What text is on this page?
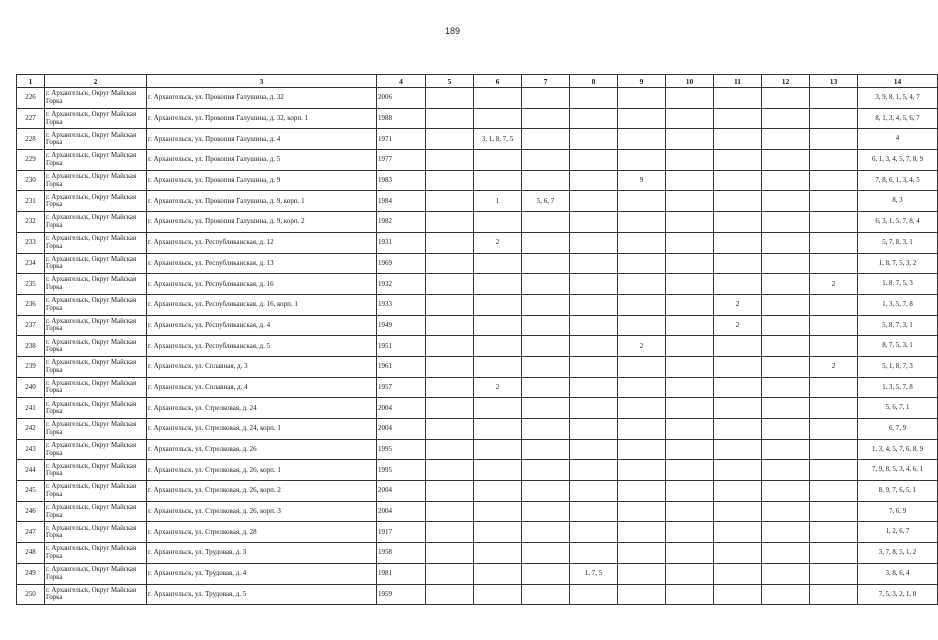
189
1	2	3	4	5	6	7	8	9	10	11	12	13	14
226	г. Архангельск, Округ Майская Горка	г. Архангельск, ул. Прокопия Галушина, д. 32	2006										3, 9, 8, 1, 5, 4, 7
227	г. Архангельск, Округ Майская Горка	г. Архангельск, ул. Прокопия Галушина, д. 32, корп. 1	1988										8, 1, 3, 4, 5, 6, 7
228	г. Архангельск, Округ Майская Горка	г. Архангельск, ул. Прокопия Галушина, д. 4	1971		3, 1, 8, 7, 5								4
229	г. Архангельск, Округ Майская Горка	г. Архангельск, ул. Прокопия Галушина, д. 5	1977										6, 1, 3, 4, 5, 7, 8, 9
230	г. Архангельск, Округ Майская Горка	г. Архангельск, ул. Прокопия Галушина, д. 9	1983					9					7, 8, 6, 1, 3, 4, 5
231	г. Архангельск, Округ Майская Горка	г. Архангельск, ул. Прокопия Галушина, д. 9, корп. 1	1984		1	5, 6, 7							8, 3
232	г. Архангельск, Округ Майская Горка	г. Архангельск, ул. Прокопия Галушина, д. 9, корп. 2	1982										6, 3, 1, 5, 7, 8, 4
233	г. Архангельск, Округ Майская Горка	г. Архангельск, ул. Республиканская, д. 12	1931		2								5, 7, 8, 3, 1
234	г. Архангельск, Округ Майская Горка	г. Архангельск, ул. Республиканская, д. 13	1969										1, 8, 7, 5, 3, 2
235	г. Архангельск, Округ Майская Горка	г. Архангельск, ул. Республиканская, д. 16	1932									2	1, 8, 7, 5, 3
236	г. Архангельск, Округ Майская Горка	г. Архангельск, ул. Республиканская, д. 16, корп. 1	1933							2			1, 3, 5, 7, 8
237	г. Архангельск, Округ Майская Горка	г. Архангельск, ул. Республиканская, д. 4	1949							2			5, 8, 7, 3, 1
238	г. Архангельск, Округ Майская Горка	г. Архангельск, ул. Республиканская, д. 5	1951					2					8, 7, 5, 3, 1
239	г. Архангельск, Округ Майская Горка	г. Архангельск, ул. Сплавная, д. 3	1961									2	5, 1, 8, 7, 3
240	г. Архангельск, Округ Майская Горка	г. Архангельск, ул. Сплавная, д. 4	1957		2								1, 3, 5, 7, 8
241	г. Архангельск, Округ Майская Горка	г. Архангельск, ул. Стрелковая, д. 24	2004										5, 6, 7, 1
242	г. Архангельск, Округ Майская Горка	г. Архангельск, ул. Стрелковая, д. 24, корп. 1	2004										6, 7, 9
243	г. Архангельск, Округ Майская Горка	г. Архангельск, ул. Стрелковая, д. 26	1995										1, 3, 4, 5, 7, 6, 8, 9
244	г. Архангельск, Округ Майская Горка	г. Архангельск, ул. Стрелковая, д. 26, корп. 1	1995										7, 9, 8, 5, 3, 4, 6, 1
245	г. Архангельск, Округ Майская Горка	г. Архангельск, ул. Стрелковая, д. 26, корп. 2	2004										8, 9, 7, 6, 5, 1
246	г. Архангельск, Округ Майская Горка	г. Архангельск, ул. Стрелковая, д. 26, корп. 3	2004										7, 6, 9
247	г. Архангельск, Округ Майская Горка	г. Архангельск, ул. Стрелковая, д. 28	1917										1, 2, 6, 7
248	г. Архангельск, Округ Майская Горка	г. Архангельск, ул. Трудовая, д. 3	1958										3, 7, 8, 5, 1, 2
249	г. Архангельск, Округ Майская Горка	г. Архангельск, ул. Трудовая, д. 4	1981				1, 7, 5						3, 8, 6, 4
250	г. Архангельск, Округ Майская Горка	г. Архангельск, ул. Трудовая, д. 5	1959										7, 5, 3, 2, 1, 8
